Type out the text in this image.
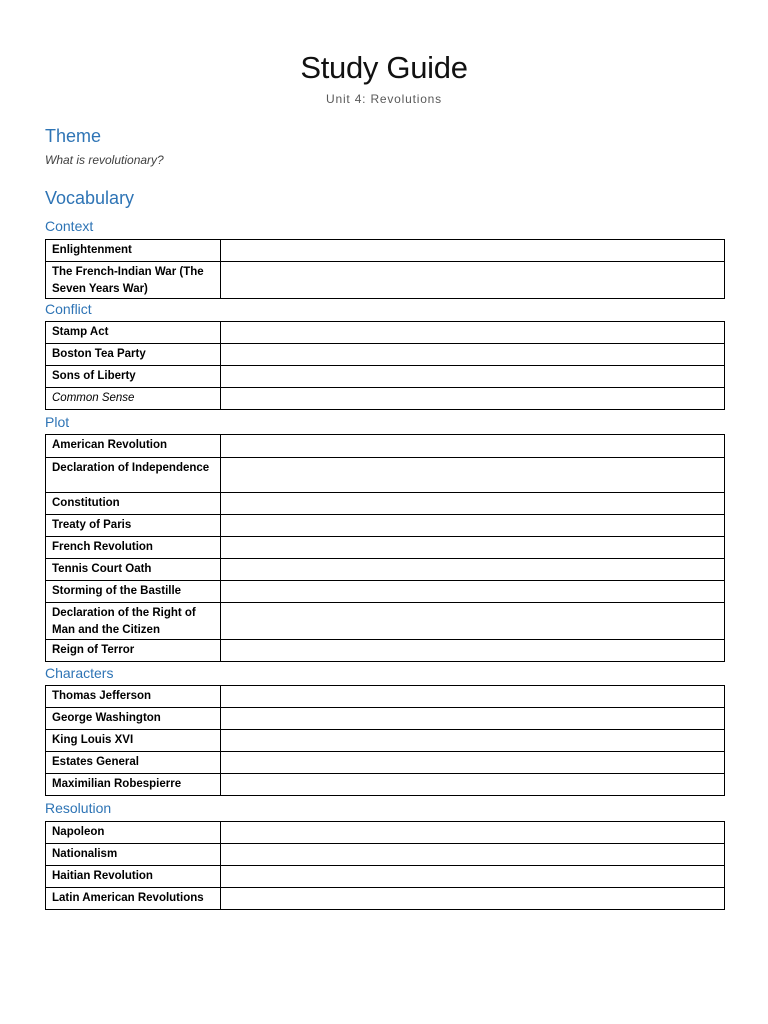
Study Guide
Unit 4: Revolutions
Theme
What is revolutionary?
Vocabulary
Context
Enlightenment	
The French-Indian War (The Seven Years War)	
Conflict
Stamp Act	
Boston Tea Party	
Sons of Liberty	
Common Sense	
Plot
American Revolution	
Declaration of Independence	
Constitution	
Treaty of Paris	
French Revolution	
Tennis Court Oath	
Storming of the Bastille	
Declaration of the Right of Man and the Citizen	
Reign of Terror	
Characters
Thomas Jefferson	
George Washington	
King Louis XVI	
Estates General	
Maximilian Robespierre	
Resolution
Napoleon	
Nationalism	
Haitian Revolution	
Latin American Revolutions	
